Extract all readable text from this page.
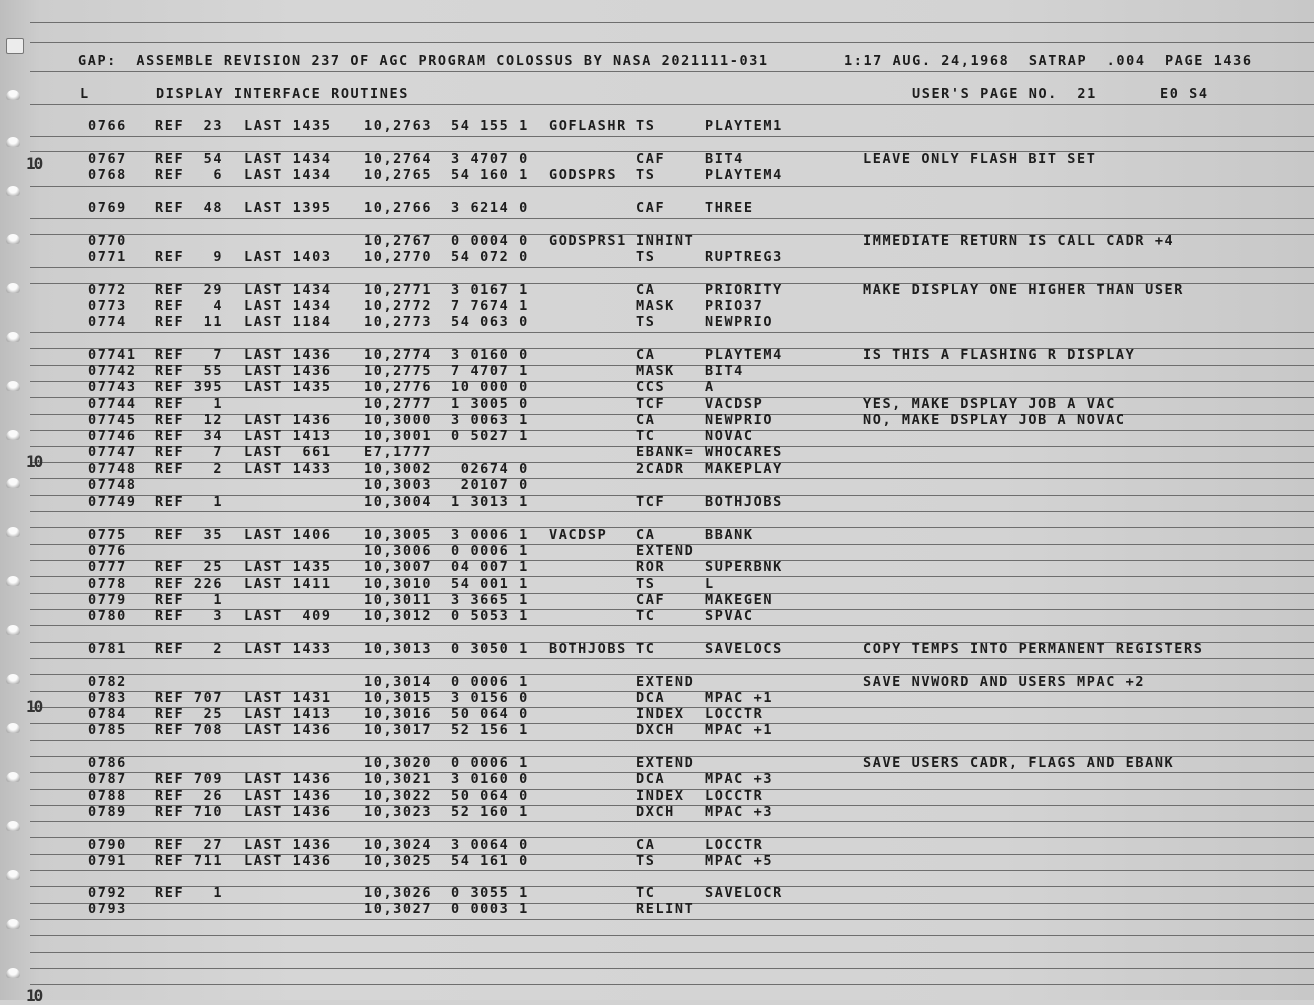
10
10
10
10
GAP:  ASSEMBLE REVISION 237 OF AGC PROGRAM COLOSSUS BY NASA 2021111-031	1:17 AUG. 24,1968  SATRAP  .004  PAGE 1436
L	DISPLAY INTERFACE ROUTINES	USER'S PAGE NO.  21	E0 S4
0766 REF  23 LAST 1435 10,2763 54 155 1 GOFLASHR TS	PLAYTEM1
0767 REF  54 LAST 1434 10,2764 3 4707 0	CAF	BIT4	LEAVE ONLY FLASH BIT SET
0768 REF   6 LAST 1434 10,2765 54 160 1 GODSPRS TS	PLAYTEM4
0769 REF  48 LAST 1395 10,2766 3 6214 0	CAF	THREE
0770	10,2767 0 0004 0 GODSPRS1 INHINT	IMMEDIATE RETURN IS CALL CADR +4
0771 REF   9 LAST 1403 10,2770 54 072 0	TS	RUPTREG3
0772 REF  29 LAST 1434 10,2771 3 0167 1	CA	PRIORITY	MAKE DISPLAY ONE HIGHER THAN USER
0773 REF   4 LAST 1434 10,2772 7 7674 1	MASK PRIO37
0774 REF  11 LAST 1184 10,2773 54 063 0	TS	NEWPRIO
07741 REF   7 LAST 1436 10,2774 3 0160 0	CA	PLAYTEM4	IS THIS A FLASHING R DISPLAY
07742 REF  55 LAST 1436 10,2775 7 4707 1	MASK BIT4
07743 REF 395 LAST 1435 10,2776 10 000 0	CCS	A
07744 REF   1	10,2777 1 3005 0	TCF	VACDSP	YES, MAKE DSPLAY JOB A VAC
07745 REF  12 LAST 1436 10,3000 3 0063 1	CA	NEWPRIO	NO, MAKE DSPLAY JOB A NOVAC
07746 REF  34 LAST 1413 10,3001 0 5027 1	TC	NOVAC
07747 REF   7 LAST  661 E7,1777	EBANK= WHOCARES
07748 REF   2 LAST 1433 10,3002 02674 0	2CADR MAKEPLAY
07748	10,3003 20107 0
07749 REF   1	10,3004 1 3013 1	TCF	BOTHJOBS
0775 REF  35 LAST 1406 10,3005 3 0006 1 VACDSP CA	BBANK
0776	10,3006 0 0006 1	EXTEND
0777 REF  25 LAST 1435 10,3007 04 007 1	ROR	SUPERBNK
0778 REF 226 LAST 1411 10,3010 54 001 1	TS	L
0779 REF   1	10,3011 3 3665 1	CAF	MAKEGEN
0780 REF   3 LAST  409 10,3012 0 5053 1	TC	SPVAC
0781 REF   2 LAST 1433 10,3013 0 3050 1 BOTHJOBS TC	SAVELOCS	COPY TEMPS INTO PERMANENT REGISTERS
0782	10,3014 0 0006 1	EXTEND	SAVE NVWORD AND USERS MPAC +2
0783 REF 707 LAST 1431 10,3015 3 0156 0	DCA	MPAC +1
0784 REF  25 LAST 1413 10,3016 50 064 0	INDEX LOCCTR
0785 REF 708 LAST 1436 10,3017 52 156 1	DXCH MPAC +1
0786	10,3020 0 0006 1	EXTEND	SAVE USERS CADR, FLAGS AND EBANK
0787 REF 709 LAST 1436 10,3021 3 0160 0	DCA	MPAC +3
0788 REF  26 LAST 1436 10,3022 50 064 0	INDEX LOCCTR
0789 REF 710 LAST 1436 10,3023 52 160 1	DXCH MPAC +3
0790 REF  27 LAST 1436 10,3024 3 0064 0	CA	LOCCTR
0791 REF 711 LAST 1436 10,3025 54 161 0	TS	MPAC +5
0792 REF   1	10,3026 0 3055 1	TC	SAVELOCR
0793	10,3027 0 0003 1	RELINT
